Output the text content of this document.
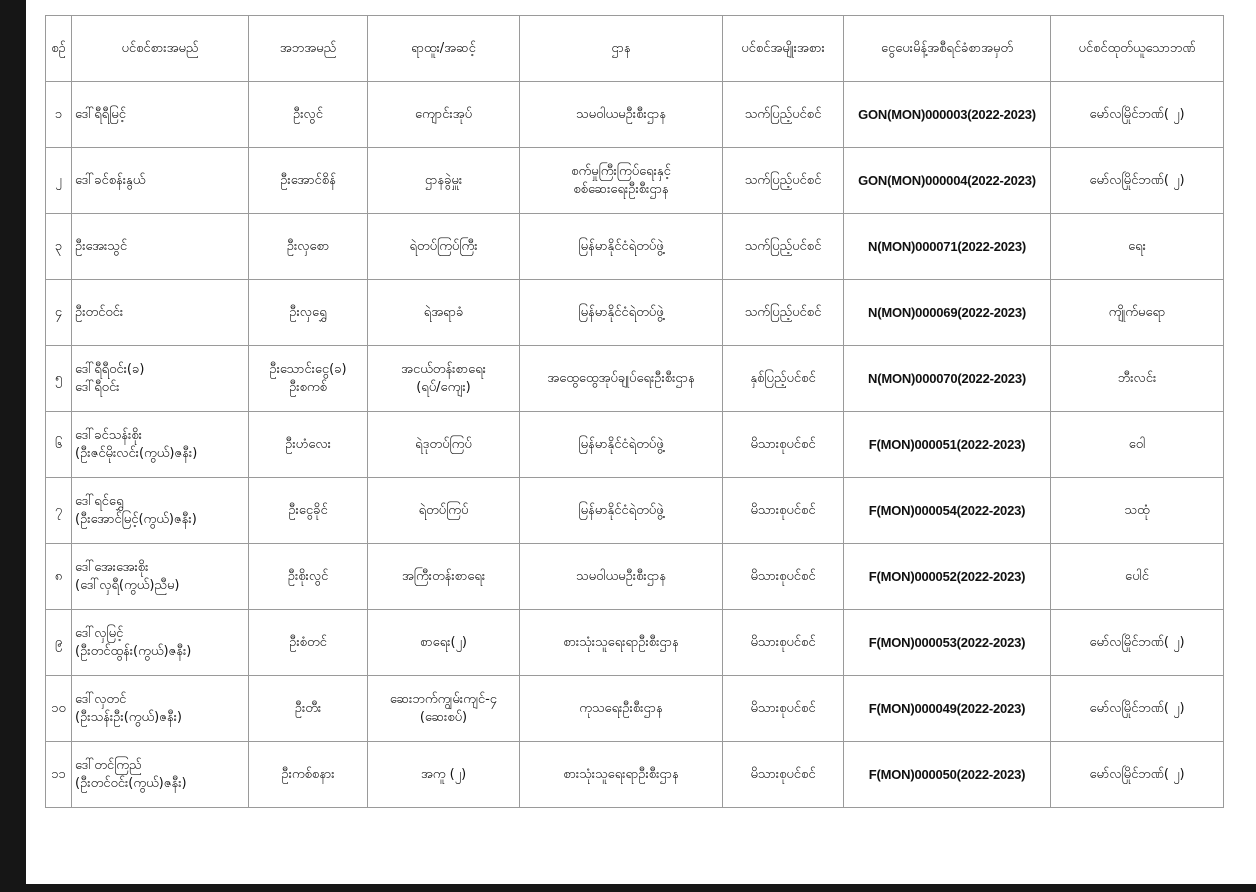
စဉ်	ပင်စင်စားအမည်	အဘအမည်	ရာထူး/အဆင့်	ဌာန	ပင်စင်အမျိုးအစား	ငွေပေးမိန့်အစီရင်ခံစာအမှတ်	ပင်စင်ထုတ်ယူသောဘဏ်

၁	ဒေါ်ရီရီမြင့်	ဦးလွင်	ကျောင်းအုပ်	သမဝါယမဦးစီးဌာန	သက်ပြည့်ပင်စင်	GON(MON)000003(2022-2023)	မော်လမြိုင်ဘဏ်( ၂)

၂	ဒေါ်ခင်စန်းနွယ်	ဦးအောင်စိန်	ဌာနခွဲမှူး	စက်မှုကြီးကြပ်ရေးနှင့်
စစ်ဆေးရေးဦးစီးဌာန	သက်ပြည့်ပင်စင်	GON(MON)000004(2022-2023)	မော်လမြိုင်ဘဏ်( ၂)

၃	ဦးအေးသွင်	ဦးလှစော	ရဲတပ်ကြပ်ကြီး	မြန်မာနိုင်ငံရဲတပ်ဖွဲ့	သက်ပြည့်ပင်စင်	N(MON)000071(2022-2023)	ရေး

၄	ဦးတင်ဝင်း	ဦးလှရွှေ	ရဲအရာခံ	မြန်မာနိုင်ငံရဲတပ်ဖွဲ့	သက်ပြည့်ပင်စင်	N(MON)000069(2022-2023)	ကျိုက်မရော

၅	ဒေါ်ရီရီဝင်း(ခ)
ဒေါ်ရီဝင်း	ဦးသောင်းငွေ(ခ)
ဦးစကစ်	အငယ်တန်းစာရေး
(ရပ်/ကျေး)	အထွေထွေအုပ်ချုပ်ရေးဦးစီးဌာန	နှစ်ပြည့်ပင်စင်	N(MON)000070(2022-2023)	ဘီးလင်း

၆	ဒေါ်ခင်သန်းစိုး
(ဦးဇင်မိုးလင်း(ကွယ်)ဇနီး)	ဦးဟံလေး	ရဲဒုတပ်ကြပ်	မြန်မာနိုင်ငံရဲတပ်ဖွဲ့	မိသားစုပင်စင်	F(MON)000051(2022-2023)	ဝေါ

၇	ဒေါ်ရင်ရွှေ
(ဦးအောင်မြင့်(ကွယ်)ဇနီး)	ဦးငွေခိုင်	ရဲတပ်ကြပ်	မြန်မာနိုင်ငံရဲတပ်ဖွဲ့	မိသားစုပင်စင်	F(MON)000054(2022-2023)	သထုံ

၈	ဒေါ်အေးအေးစိုး
(ဒေါ်လှရီ(ကွယ်)ညီမ)	ဦးစိုးလွင်	အကြီးတန်းစာရေး	သမဝါယမဦးစီးဌာန	မိသားစုပင်စင်	F(MON)000052(2022-2023)	ပေါင်

၉	ဒေါ်လှမြင့်
(ဦးတင်ထွန်း(ကွယ်)ဇနီး)	ဦးစံတင်	စာရေး(၂)	စားသုံးသူရေးရာဦးစီးဌာန	မိသားစုပင်စင်	F(MON)000053(2022-2023)	မော်လမြိုင်ဘဏ်( ၂)

၁၀	ဒေါ်လှတင်
(ဦးသန်းဦး(ကွယ်)ဇနီး)	ဦးတီး	ဆေးဘက်ကျွမ်းကျင်-၄
(ဆေးစပ်)	ကုသရေးဦးစီးဌာန	မိသားစုပင်စင်	F(MON)000049(2022-2023)	မော်လမြိုင်ဘဏ်( ၂)

၁၁	ဒေါ်တင်ကြည်
(ဦးတင်ဝင်း(ကွယ်)ဇနီး)	ဦးကစ်စနား	အကူ (၂)	စားသုံးသူရေးရာဦးစီးဌာန	မိသားစုပင်စင်	F(MON)000050(2022-2023)	မော်လမြိုင်ဘဏ်( ၂)
